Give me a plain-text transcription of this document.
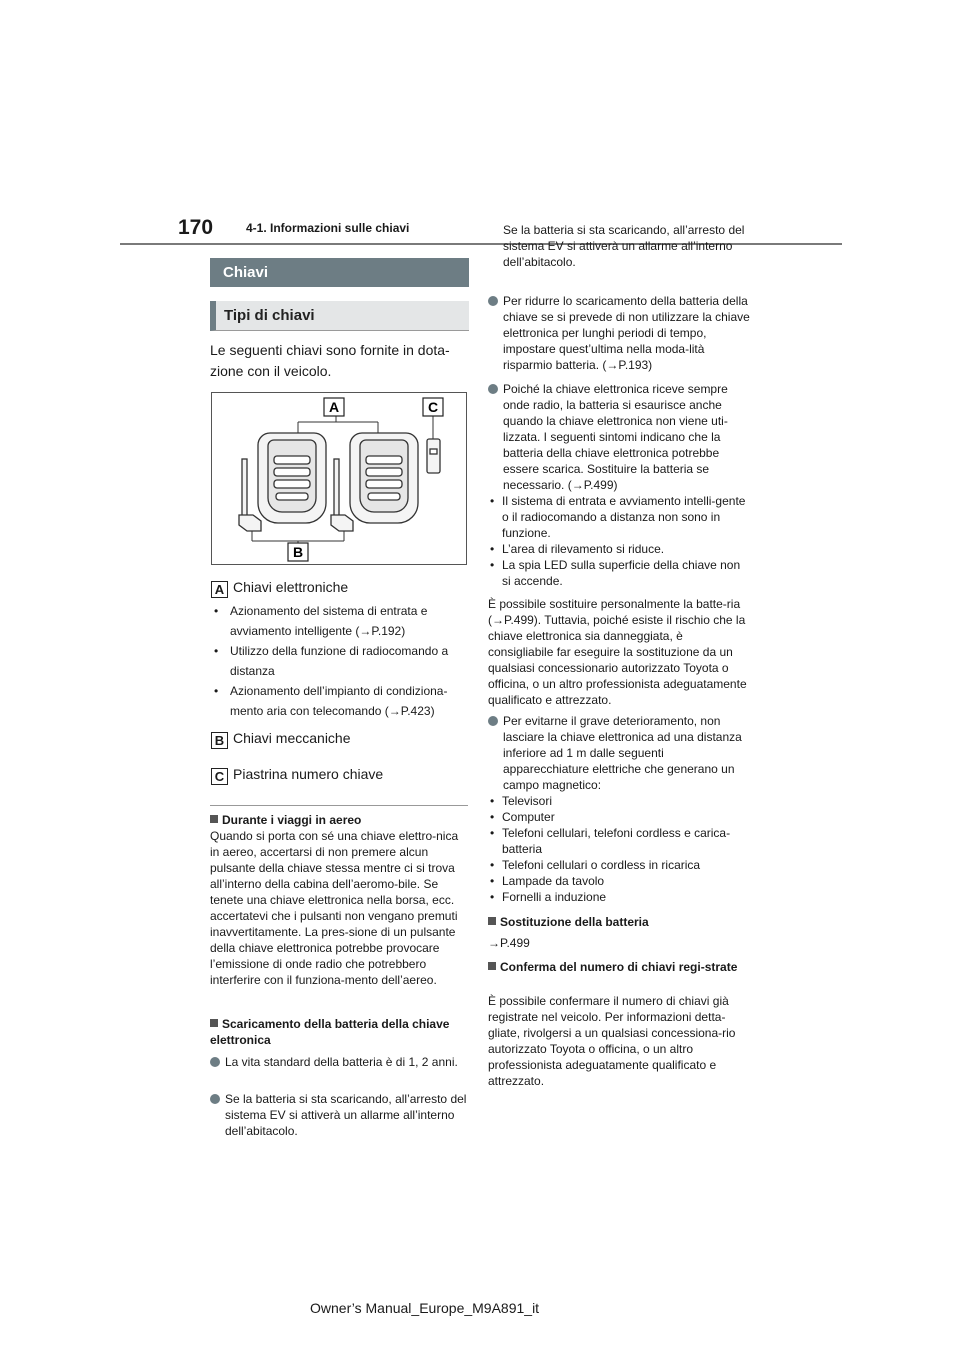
170	4-1. Informazioni sulle chiavi
Chiavi
Tipi di chiavi
Le seguenti chiavi sono fornite in dota-zione con il veicolo.
A	C
B
A Chiavi elettroniche
• Azionamento del sistema di entrata e avviamento intelligente (→P.192)
• Utilizzo della funzione di radiocomando a distanza
• Azionamento dell’impianto di condiziona-mento aria con telecomando (→P.423)
B Chiavi meccaniche
C Piastrina numero chiave
Durante i viaggi in aereo
Quando si porta con sé una chiave elettro-nica in aereo, accertarsi di non premere alcun pulsante della chiave stessa mentre ci si trova all’interno della cabina dell’aeromo-bile. Se tenete una chiave elettronica nella borsa, ecc. accertatevi che i pulsanti non vengano premuti inavvertitamente. La pres-sione di un pulsante della chiave elettronica potrebbe provocare l’emissione di onde radio che potrebbero interferire con il funziona-mento dell’aereo.
Scaricamento della batteria della chiave elettronica
La vita standard della batteria è di 1, 2 anni.
Se la batteria si sta scaricando, all’arresto del sistema EV si attiverà un allarme all’interno dell’abitacolo.
Se la batteria si sta scaricando, all’arresto del sistema EV si attiverà un allarme all’interno dell’abitacolo.
Per ridurre lo scaricamento della batteria della chiave se si prevede di non utilizzare la chiave elettronica per lunghi periodi di tempo, impostare quest’ultima nella moda-lità risparmio batteria. (→P.193)
Poiché la chiave elettronica riceve sempre onde radio, la batteria si esaurisce anche quando la chiave elettronica non viene uti-lizzata. I seguenti sintomi indicano che la batteria della chiave elettronica potrebbe essere scarica. Sostituire la batteria se necessario. (→P.499)
• Il sistema di entrata e avviamento intelli-gente o il radiocomando a distanza non sono in funzione.
• L’area di rilevamento si riduce.
• La spia LED sulla superficie della chiave non si accende.
È possibile sostituire personalmente la batte-ria (→P.499). Tuttavia, poiché esiste il rischio che la chiave elettronica sia danneggiata, è consigliabile far eseguire la sostituzione da un qualsiasi concessionario autorizzato Toyota o officina, o un altro professionista adeguatamente qualificato e attrezzato.
Per evitarne il grave deterioramento, non lasciare la chiave elettronica ad una distanza inferiore ad 1 m dalle seguenti apparecchiature elettriche che generano un campo magnetico:
• Televisori
• Computer
• Telefoni cellulari, telefoni cordless e carica-batteria
• Telefoni cellulari o cordless in ricarica
• Lampade da tavolo
• Fornelli a induzione
Sostituzione della batteria
→P.499
Conferma del numero di chiavi regi-strate
È possibile confermare il numero di chiavi già registrate nel veicolo. Per informazioni detta-gliate, rivolgersi a un qualsiasi concessiona-rio autorizzato Toyota o officina, o un altro professionista adeguatamente qualificato e attrezzato.
Owner’s Manual_Europe_M9A891_it
